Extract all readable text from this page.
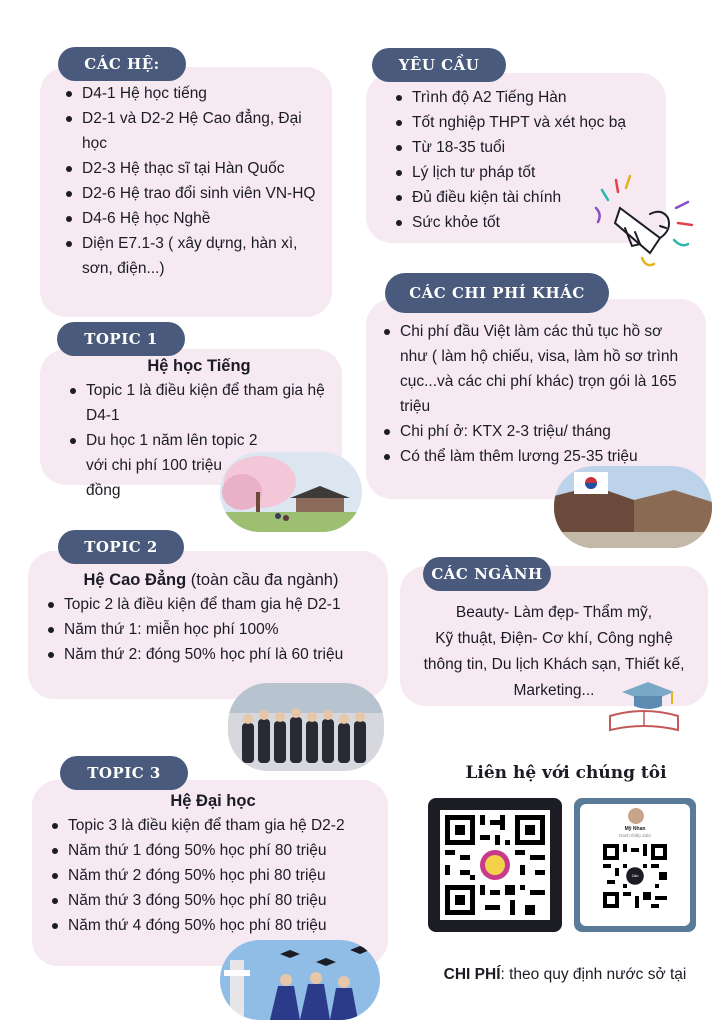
CÁC HỆ:
D4-1 Hệ học tiếng
D2-1 và D2-2 Hệ Cao đẳng, Đại học
D2-3 Hệ thạc sĩ tại Hàn Quốc
D2-6 Hệ trao đổi sinh viên VN-HQ
D4-6 Hệ học Nghề
Diện E7.1-3 ( xây dựng, hàn xì, sơn, điện...)
YÊU CẦU
Trình độ A2 Tiếng Hàn
Tốt nghiệp THPT và xét học bạ
Từ 18-35 tuổi
Lý lịch tư pháp tốt
Đủ điều kiện tài chính
Sức khỏe tốt
TOPIC 1
Hệ học Tiếng
Topic 1 là điều kiện để tham gia hệ D4-1
Du học 1 năm lên topic 2 với chi phí 100 triệu đồng
CÁC CHI PHÍ KHÁC
Chi phí đầu Việt làm các thủ tục hồ sơ như ( làm hộ chiếu, visa, làm hồ sơ trình cục...và các chi phí khác) trọn gói là 165 triệu
Chi phí ở: KTX 2-3 triệu/ tháng
Có thể làm thêm lương 25-35 triệu
TOPIC 2
Hệ Cao Đẳng (toàn cầu đa ngành)
Topic 2 là điều kiện để tham gia hệ D2-1
Năm thứ 1: miễn học phí 100%
Năm thứ 2: đóng 50% học phí là 60 triệu
CÁC NGÀNH
Beauty- Làm đẹp- Thẩm mỹ,
Kỹ thuật, Điện- Cơ khí, Công nghệ
thông tin, Du lịch Khách sạn, Thiết kế,
Marketing...
TOPIC 3
Hệ Đại học
Topic 3 là điều kiện để tham gia hệ D2-2
Năm thứ 1 đóng 50% học phí 80 triệu
Năm thứ 2 đóng 50% học phi 80 triệu
Năm thứ 3 đóng 50% học phí 80 triệu
Năm thứ 4 đóng 50% học phí 80 triệu
Liên hệ với chúng tôi
Mỹ Nhan
Danh thiếp Zalo
Zalo
CHI PHÍ: theo quy định nước sở tại
